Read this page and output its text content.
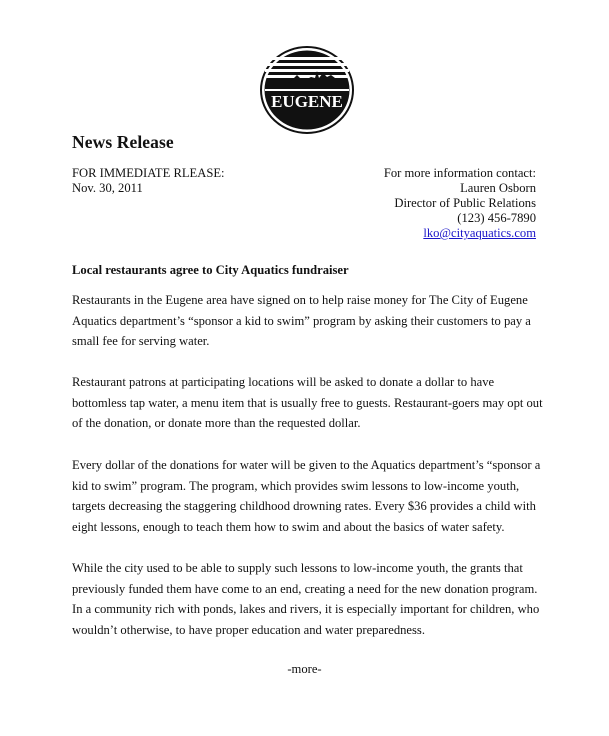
EUGENE
News Release
FOR IMMEDIATE RLEASE:
Nov. 30, 2011
For more information contact:
Lauren Osborn
Director of Public Relations
(123) 456-7890
lko@cityaquatics.com
Local restaurants agree to City Aquatics fundraiser

Restaurants in the Eugene area have signed on to help raise money for The City of Eugene Aquatics department’s “sponsor a kid to swim” program by asking their customers to pay a small fee for serving water.

Restaurant patrons at participating locations will be asked to donate a dollar to have bottomless tap water, a menu item that is usually free to guests. Restaurant-goers may opt out of the donation, or donate more than the requested dollar.

Every dollar of the donations for water will be given to the Aquatics department’s “sponsor a kid to swim” program. The program, which provides swim lessons to low-income youth, targets decreasing the staggering childhood drowning rates. Every $36 provides a child with eight lessons, enough to teach them how to swim and about the basics of water safety.

While the city used to be able to supply such lessons to low-income youth, the grants that previously funded them have come to an end, creating a need for the new donation program. In a community rich with ponds, lakes and rivers, it is especially important for children, who wouldn’t otherwise, to have proper education and water preparedness.

-more-
